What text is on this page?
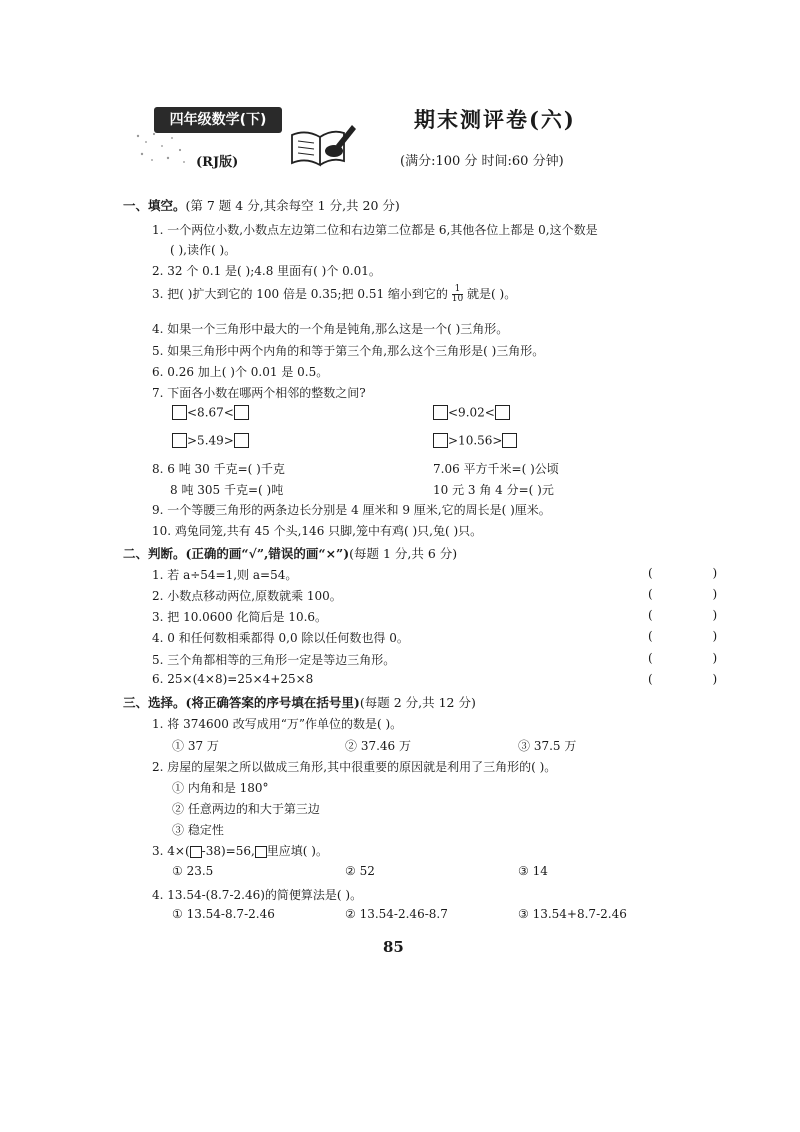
四年级数学(下)
(RJ版)
期末测评卷(六)
(满分:100 分 时间:60 分钟)
一、填空。(第 7 题 4 分,其余每空 1 分,共 20 分)
1. 一个两位小数,小数点左边第二位和右边第二位都是 6,其他各位上都是 0,这个数是
( ),读作( )。
2. 32 个 0.1 是( );4.8 里面有( )个 0.01。
3. 把( )扩大到它的 100 倍是 0.35;把 0.51 缩小到它的 $\frac{1}{10}$ 就是( )。
4. 如果一个三角形中最大的一个角是钝角,那么这是一个( )三角形。
5. 如果三角形中两个内角的和等于第三个角,那么这个三角形是( )三角形。
6. 0.26 加上( )个 0.01 是 0.5。
7. 下面各小数在哪两个相邻的整数之间?
<8.67<	<9.02<
>5.49>	>10.56>
8. 6 吨 30 千克=( )千克	7.06 平方千米=( )公顷
8 吨 305 千克=( )吨	10 元 3 角 4 分=( )元
9. 一个等腰三角形的两条边长分别是 4 厘米和 9 厘米,它的周长是( )厘米。
10. 鸡兔同笼,共有 45 个头,146 只脚,笼中有鸡( )只,兔( )只。
二、判断。(正确的画“√”,错误的画“×”)(每题 1 分,共 6 分)
1. 若 a÷54=1,则 a=54。	( )
2. 小数点移动两位,原数就乘 100。	( )
3. 把 10.0600 化简后是 10.6。	( )
4. 0 和任何数相乘都得 0,0 除以任何数也得 0。	( )
5. 三个角都相等的三角形一定是等边三角形。	( )
6. 25×(4×8)=25×4+25×8	( )
三、选择。(将正确答案的序号填在括号里)(每题 2 分,共 12 分)
1. 将 374600 改写成用“万”作单位的数是( )。
① 37 万	② 37.46 万	③ 37.5 万
2. 房屋的屋架之所以做成三角形,其中很重要的原因就是利用了三角形的( )。
① 内角和是 180°
② 任意两边的和大于第三边
③ 稳定性
3. 4×( -38)=56, 里应填( )。
① 23.5	② 52	③ 14
4. 13.54-(8.7-2.46)的简便算法是( )。
① 13.54-8.7-2.46	② 13.54-2.46-8.7	③ 13.54+8.7-2.46
85
